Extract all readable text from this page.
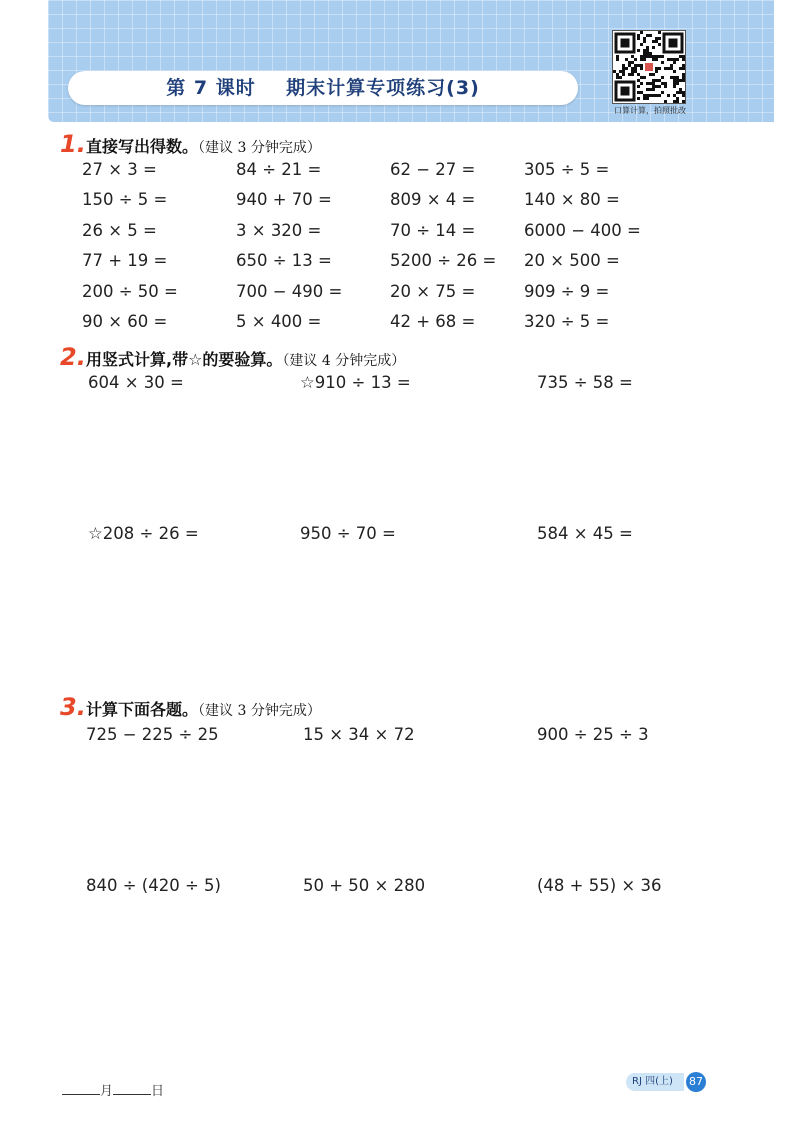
第 7 课时    期末计算专项练习(3)
口算计算，拍照批改
1. 直接写出得数。（建议 3 分钟完成）
27 × 3 =	84 ÷ 21 =	62 − 27 =	305 ÷ 5 =
150 ÷ 5 =	940 + 70 =	809 × 4 =	140 × 80 =
26 × 5 =	3 × 320 =	70 ÷ 14 =	6000 − 400 =
77 + 19 =	650 ÷ 13 =	5200 ÷ 26 = 20 × 500 =
200 ÷ 50 =	700 − 490 =	20 × 75 =	909 ÷ 9 =
90 × 60 =	5 × 400 =	42 + 68 =	320 ÷ 5 =
2. 用竖式计算,带☆的要验算。（建议 4 分钟完成）
604 × 30 =	☆910 ÷ 13 =	735 ÷ 58 =
☆208 ÷ 26 =	950 ÷ 70 =	584 × 45 =
3. 计算下面各题。（建议 3 分钟完成）
725 − 225 ÷ 25	15 × 34 × 72	900 ÷ 25 ÷ 3
840 ÷ (420 ÷ 5)	50 + 50 × 280	(48 + 55) × 36
月	日
RJ 四(上)	87
